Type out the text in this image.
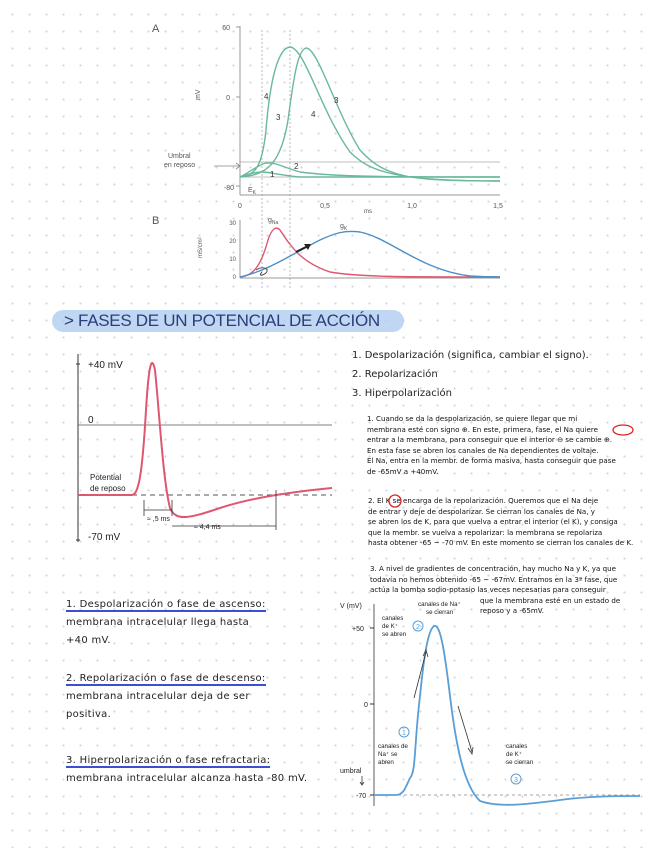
A	60
0
-80
mV
Umbral
en reposo
$E_K$
0	0,5	1,0	1,5
ms
4
3
3
4
2
1
B	30
20
10
0
mS/cm²
$g_{Na}$	$g_K$
> FASES DE UN POTENCIAL DE ACCIÓN
+40 mV
0
Potential
de reposo
-70 mV
≈ ,5 ms
≈ 4,4 ms
1. Despolarización (significa, cambiar el signo).
2. Repolarización
3. Hiperpolarización
1. Cuando se da la despolarización, se quiere llegar que mi
membrana esté con signo ⊕. En este, primera, fase, el Na quiere
entrar a la membrana, para conseguir que el interior ⊖ se cambie ⊕.
En esta fase se abren los canales de Na dependientes de voltaje.
El Na, entra en la membr. de forma masiva, hasta conseguir que pase
de -65mV a +40mV.
2. El K se encarga de la repolarización. Queremos que el Na deje
de entrar y deje de despolarizar. Se cierran los canales de Na, y
se abren los de K, para que vuelva a entrar el interior (el K), y consiga
que la membr. se vuelva a repolarizar: la membrana se repolariza
hasta obtener -65 ~ -70 mV. En este momento se cierran los canales de K.
3. A nivel de gradientes de concentración, hay mucho Na y K, ya que
todavía no hemos obtenido -65 ~ -67mV. Entramos en la 3ª fase, que
actúa la bomba sodio-potasio las veces necesarias para conseguir
que la membrana esté en un estado de
reposo y a -65mV.
1. Despolarización o fase de ascenso:
membrana intracelular llega hasta
+40 mV.
2. Repolarización o fase de descenso:
membrana intracelular deja de ser
positiva.
3. Hiperpolarización o fase refractaria:
membrana intracelular alcanza hasta -80 mV.
V (mV)
+50
0
-70
umbral
2
1
3
canales
de K⁺
se abren
canales de Na⁺
se cierran
canales de
Na⁺ se
abren
canales
de K⁺
se cierran
